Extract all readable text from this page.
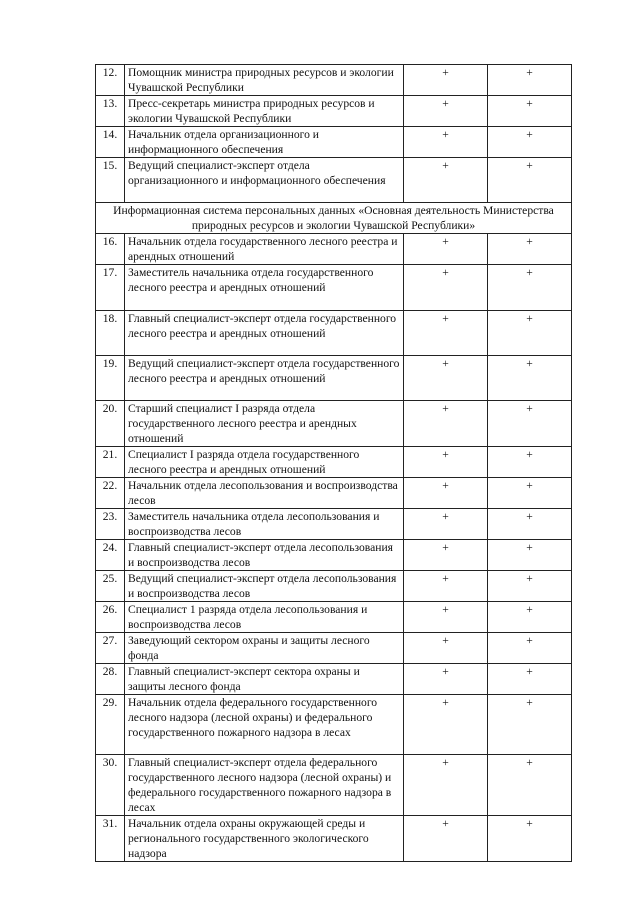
12.	Помощник министра природных ресурсов и экологии Чувашской Республики	+	+
13.	Пресс-секретарь министра природных ресурсов и экологии Чувашской Республики	+	+
14.	Начальник отдела организационного и информационного обеспечения	+	+
15.	Ведущий специалист-эксперт отдела организационного и информационного обеспечения	+	+
Информационная система персональных данных «Основная деятельность Министерства природных ресурсов и экологии Чувашской Республики»			
16.	Начальник отдела государственного лесного реестра и арендных отношений	+	+
17.	Заместитель начальника отдела государственного лесного реестра и арендных отношений	+	+
18.	Главный специалист-эксперт отдела государственного лесного реестра и арендных отношений	+	+
19.	Ведущий специалист-эксперт отдела государственного лесного реестра и арендных отношений	+	+
20.	Старший специалист I разряда отдела государственного лесного реестра и арендных отношений	+	+
21.	Специалист I разряда отдела государственного лесного реестра и арендных отношений	+	+
22.	Начальник отдела лесопользования и воспроизводства лесов	+	+
23.	Заместитель начальника отдела лесопользования и воспроизводства лесов	+	+
24.	Главный специалист-эксперт отдела лесопользования и воспроизводства лесов	+	+
25.	Ведущий специалист-эксперт отдела лесопользования и воспроизводства лесов	+	+
26.	Специалист 1 разряда отдела лесопользования и воспроизводства лесов	+	+
27.	Заведующий сектором охраны и защиты лесного фонда	+	+
28.	Главный специалист-эксперт сектора охраны и защиты лесного фонда	+	+
29.	Начальник отдела федерального государственного лесного надзора (лесной охраны) и федерального государственного пожарного надзора в лесах	+	+
30.	Главный специалист-эксперт отдела федерального государственного лесного надзора (лесной охраны) и федерального государственного пожарного надзора в лесах	+	+
31.	Начальник отдела охраны окружающей среды и регионального государственного экологического надзора	+	+
